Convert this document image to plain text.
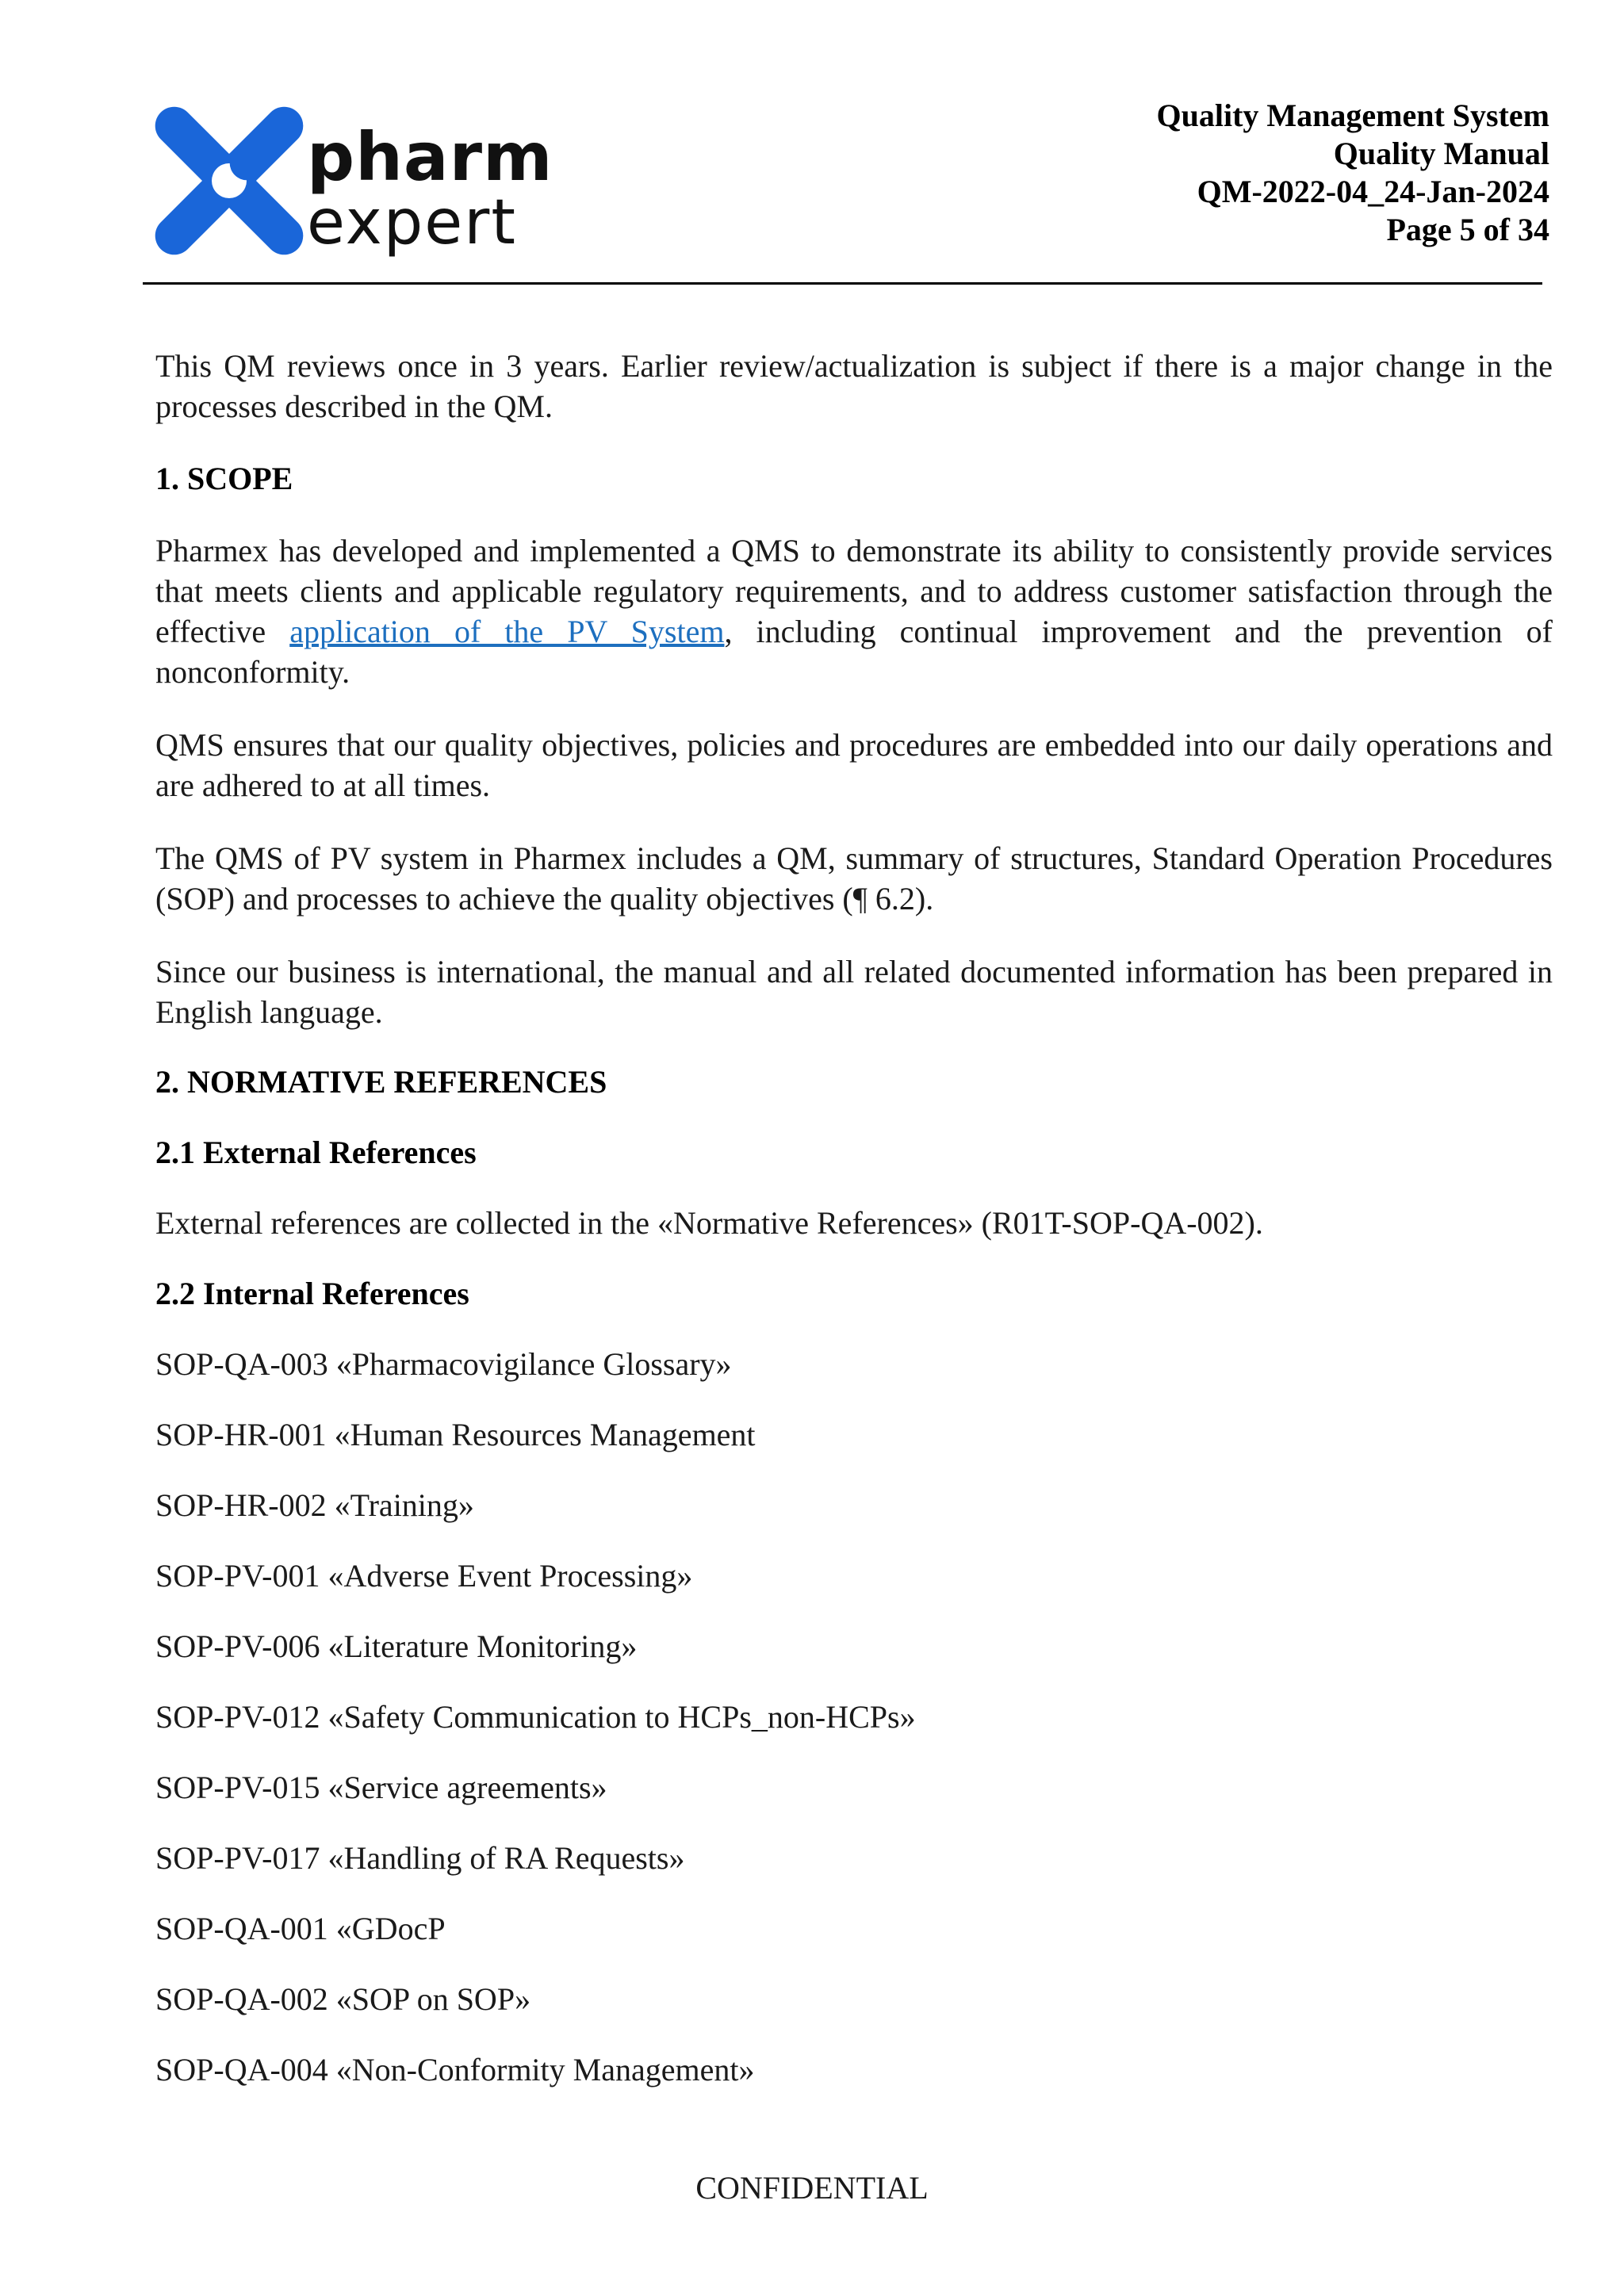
pharm
expert
Quality Management System
Quality Manual
QM-2022-04_24-Jan-2024
Page 5 of 34

This QM reviews once in 3 years. Earlier review/actualization is subject if there is a major change in the processes described in the QM.

1. SCOPE

Pharmex has developed and implemented a QMS to demonstrate its ability to consistently provide services that meets clients and applicable regulatory requirements, and to address customer satisfaction through the effective application of the PV System, including continual improvement and the prevention of nonconformity.

QMS ensures that our quality objectives, policies and procedures are embedded into our daily operations and are adhered to at all times.

The QMS of PV system in Pharmex includes a QM, summary of structures, Standard Operation Procedures (SOP) and processes to achieve the quality objectives (¶ 6.2).

Since our business is international, the manual and all related documented information has been prepared in English language.

2. NORMATIVE REFERENCES

2.1 External References

External references are collected in the «Normative References» (R01T-SOP-QA-002).

2.2 Internal References

SOP-QA-003 «Pharmacovigilance Glossary»

SOP-HR-001 «Human Resources Management

SOP-HR-002 «Training»

SOP-PV-001 «Adverse Event Processing»

SOP-PV-006 «Literature Monitoring»

SOP-PV-012 «Safety Communication to HCPs_non-HCPs»

SOP-PV-015 «Service agreements»

SOP-PV-017 «Handling of RA Requests»

SOP-QA-001 «GDocP

SOP-QA-002 «SOP on SOP»

SOP-QA-004 «Non-Conformity Management»

CONFIDENTIAL
